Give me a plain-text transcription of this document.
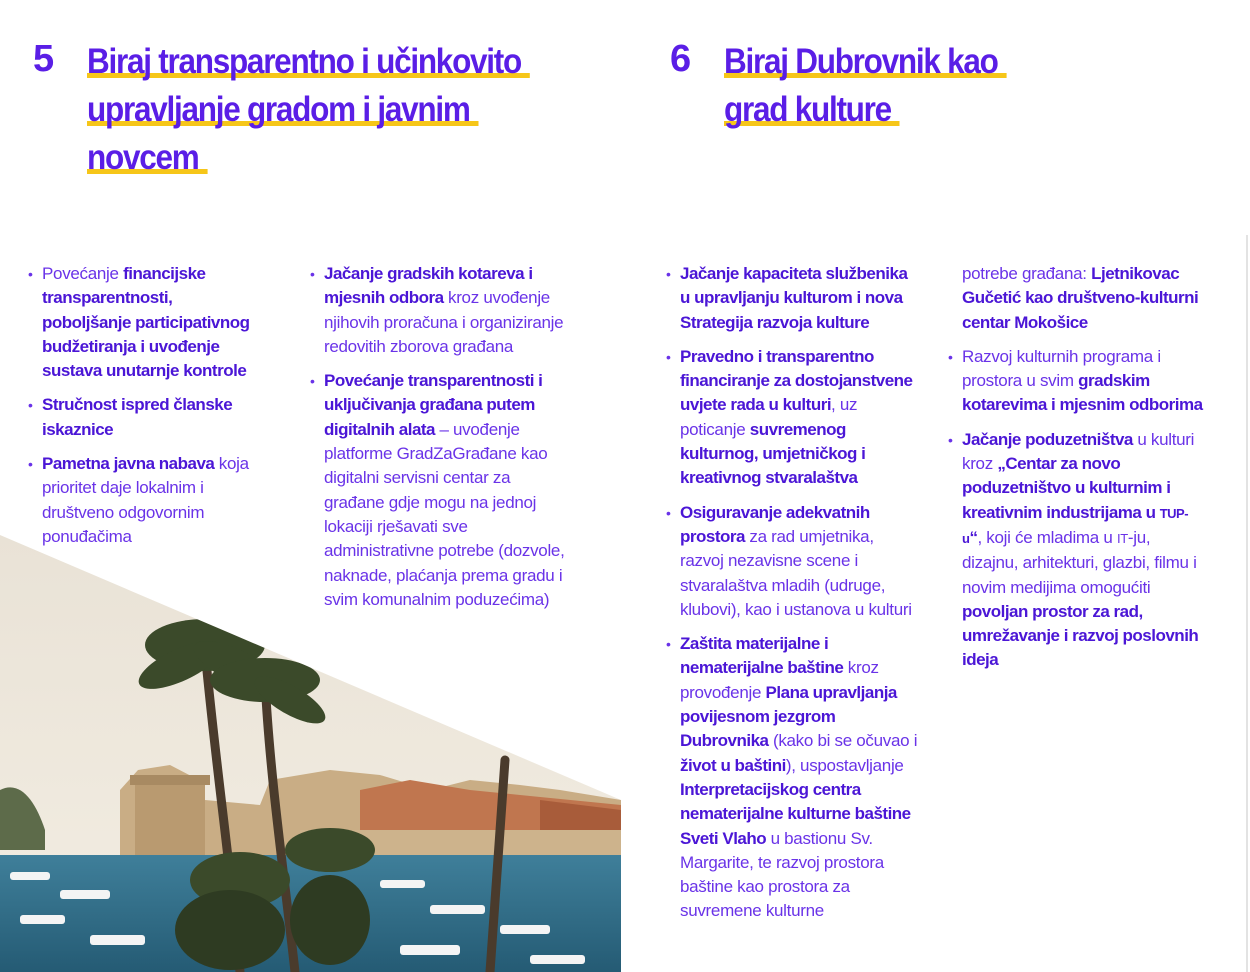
5 Biraj transparentno i učinkovito
upravljanje gradom i javnim
novcem
6 Biraj Dubrovnik kao
grad kulture
• Povećanje financijske transparentnosti, poboljšanje participativnog budžetiranja i uvođenje sustava unutarnje kontrole
• Stručnost ispred članske iskaznice
• Pametna javna nabava koja prioritet daje lokalnim i društveno odgovornim ponuđačima
• Jačanje gradskih kotareva i mjesnih odbora kroz uvođenje njihovih proračuna i organiziranje redovitih zborova građana
• Povećanje transparentnosti i uključivanja građana putem digitalnih alata – uvođenje platforme GradZaGrađane kao digitalni servisni centar za građane gdje mogu na jednoj lokaciji rješavati sve administrativne potrebe (dozvole, naknade, plaćanja prema gradu i svim komunalnim poduzećima)
• Jačanje kapaciteta službenika u upravljanju kulturom i nova Strategija razvoja kulture
• Pravedno i transparentno financiranje za dostojanstvene uvjete rada u kulturi, uz poticanje suvremenog kulturnog, umjetničkog i kreativnog stvaralaštva
• Osiguravanje adekvatnih prostora za rad umjetnika, razvoj nezavisne scene i stvaralaštva mladih (udruge, klubovi), kao i ustanova u kulturi
• Zaštita materijalne i nematerijalne baštine kroz provođenje Plana upravljanja povijesnom jezgrom Dubrovnika (kako bi se očuvao i život u baštini), uspostavljanje Interpretacijskog centra nematerijalne kulturne baštine Sveti Vlaho u bastionu Sv. Margarite, te razvoj prostora baštine kao prostora za suvremene kulturne

potrebe građana: Ljetnikovac Gučetić kao društveno-kulturni centar Mokošice

• Razvoj kulturnih programa i prostora u svim gradskim kotarevima i mjesnim odborima
• Jačanje poduzetništva u kulturi kroz „Centar za novo poduzetništvo u kulturnim i kreativnim industrijama u TUP-u“, koji će mladima u IT-ju, dizajnu, arhitekturi, glazbi, filmu i novim medijima omogućiti povoljan prostor za rad, umrežavanje i razvoj poslovnih ideja
